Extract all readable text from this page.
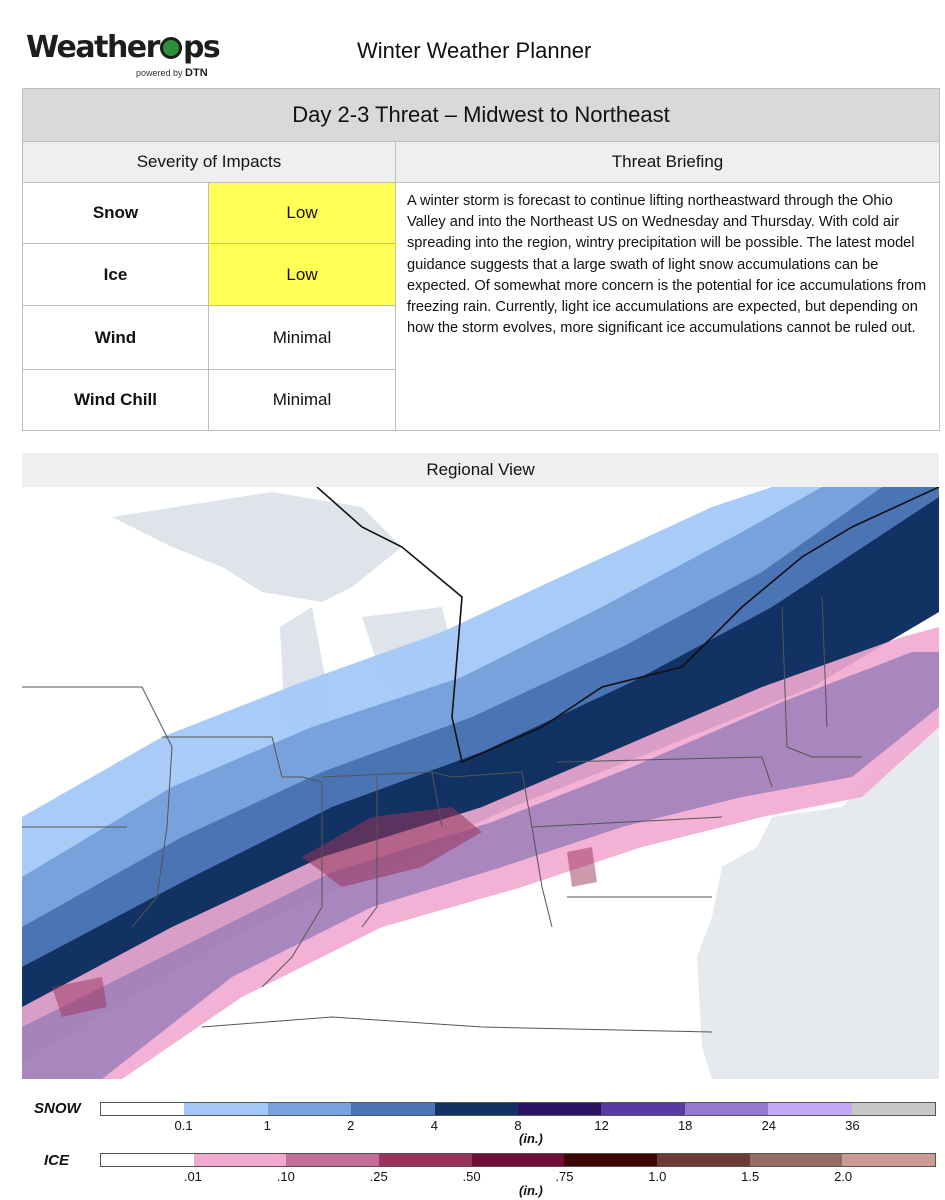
Weather ps
powered by DTN
Winter Weather Planner
Day 2-3 Threat – Midwest to Northeast		
Severity of Impacts		Threat Briefing
Snow	Low	A winter storm is forecast to continue lifting northeastward through the Ohio Valley and into the Northeast US on Wednesday and Thursday. With cold air spreading into the region, wintry precipitation will be possible. The latest model guidance suggests that a large swath of light snow accumulations can be expected. Of somewhat more concern is the potential for ice accumulations from freezing rain. Currently, light ice accumulations are expected, but depending on how the storm evolves, more significant ice accumulations cannot be ruled out.
Ice	Low	
Wind	Minimal	
Wind Chill	Minimal	
Regional View
SNOW
0.1	1	2	4	8	12	18	24	36
(in.)
ICE
.01	.10	.25	.50	.75	1.0	1.5	2.0
(in.)
